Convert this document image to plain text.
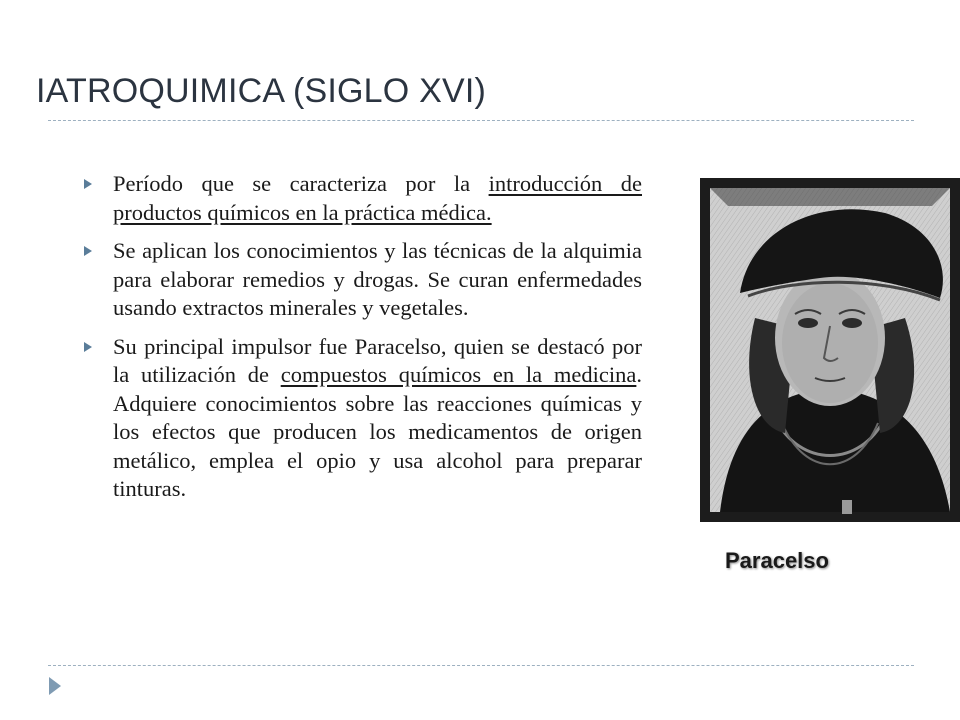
IATROQUIMICA (SIGLO XVI)
Período que se caracteriza por la introducción de productos químicos en la práctica médica.
Se aplican los conocimientos y las técnicas de la alquimia para elaborar remedios y drogas. Se curan enfermedades usando extractos minerales y vegetales.
Su principal impulsor fue Paracelso, quien se destacó por la utilización de compuestos químicos en la medicina. Adquiere conocimientos sobre las reacciones químicas y los efectos que producen los medicamentos de origen metálico, emplea el opio y usa alcohol para preparar tinturas.
Paracelso
